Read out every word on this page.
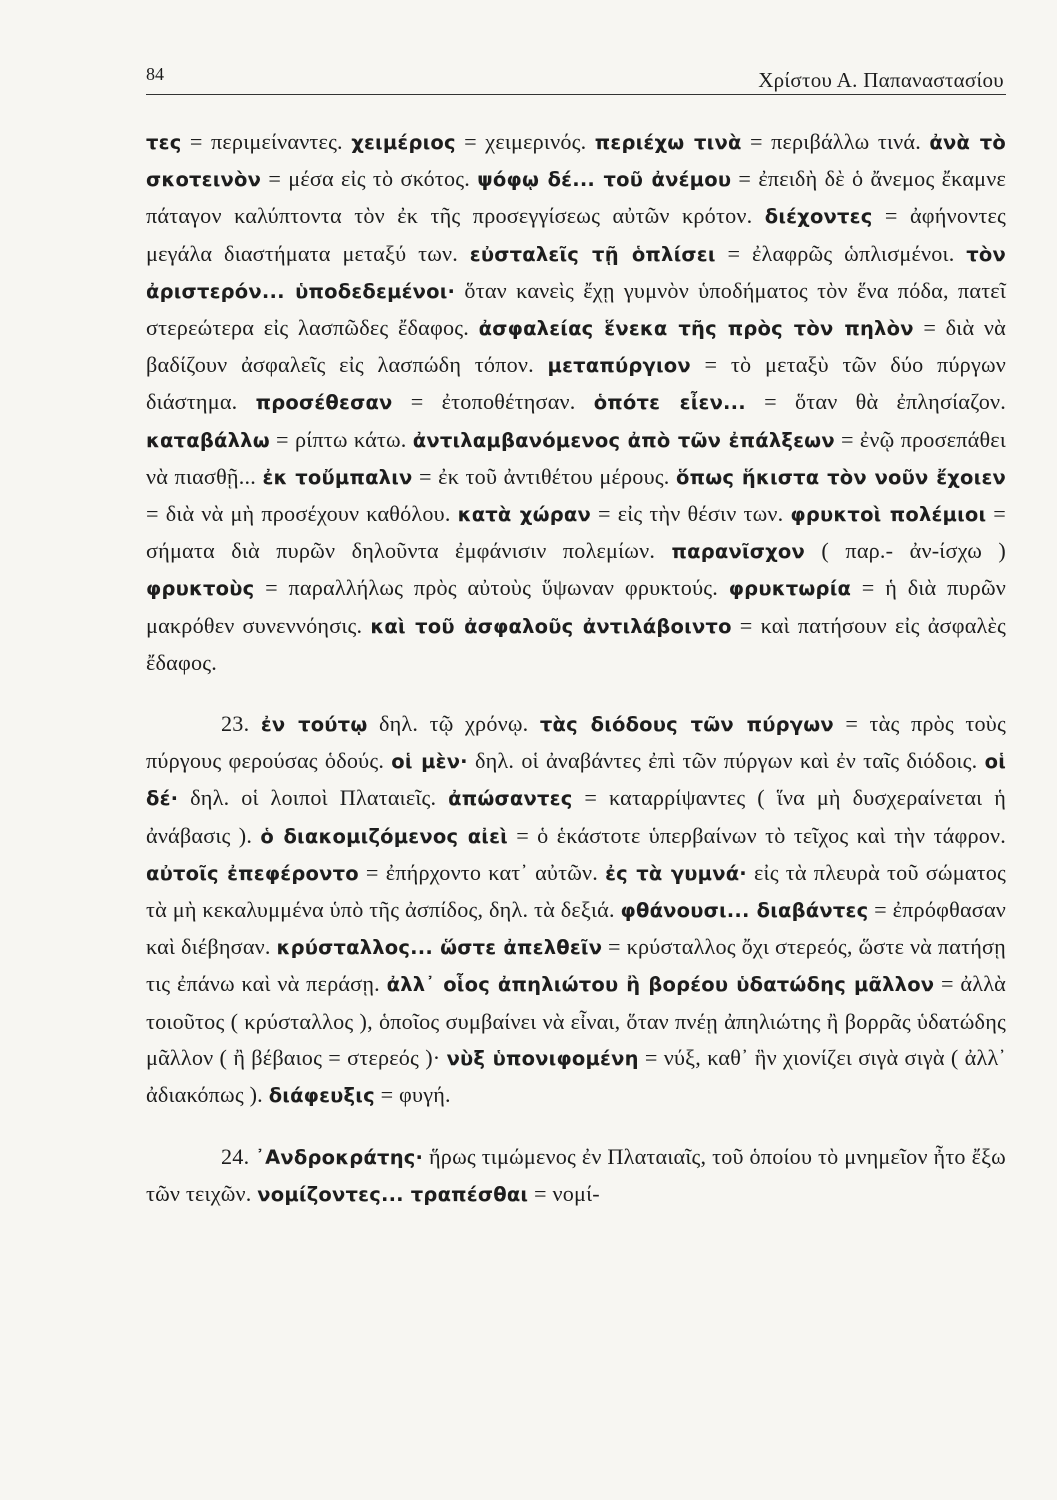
84	Χρίστου Α. Παπαναστασίου

τες = περιμείναντες. χειμέριος = χειμερινός. περιέχω τινὰ = περιβάλλω τινά. ἀνὰ τὸ σκοτεινὸν = μέσα εἰς τὸ σκότος. ψόφῳ δέ... τοῦ ἀνέμου = ἐπειδὴ δὲ ὁ ἄνεμος ἔκαμνε πάταγον καλύπτοντα τὸν ἐκ τῆς προσεγγίσεως αὐτῶν κρότον. διέχοντες = ἀφήνοντες μεγάλα διαστήματα μεταξύ των. εὐσταλεῖς τῇ ὁπλίσει = ἐλαφρῶς ὡπλισμένοι. τὸν ἀριστερόν... ὑποδεδεμένοι· ὅταν κανεὶς ἔχῃ γυμνὸν ὑποδήματος τὸν ἕνα πόδα, πατεῖ στερεώτερα εἰς λασπῶδες ἔδαφος. ἀσφαλείας ἕνεκα τῆς πρὸς τὸν πηλὸν = διὰ νὰ βαδίζουν ἀσφαλεῖς εἰς λασπώδη τόπον. μεταπύργιον = τὸ μεταξὺ τῶν δύο πύργων διάστημα. προσέθεσαν = ἐτοποθέτησαν. ὁπότε εἶεν... = ὅταν θὰ ἐπλησίαζον. καταβάλλω = ρίπτω κάτω. ἀντιλαμβανόμενος ἀπὸ τῶν ἐπάλξεων = ἐνῷ προσεπάθει νὰ πιασθῇ... ἐκ τοὔμπαλιν = ἐκ τοῦ ἀντιθέτου μέρους. ὅπως ἥκιστα τὸν νοῦν ἔχοιεν = διὰ νὰ μὴ προσέχουν καθόλου. κατὰ χώραν = εἰς τὴν θέσιν των. φρυκτοὶ πολέμιοι = σήματα διὰ πυρῶν δηλοῦντα ἐμφάνισιν πολεμίων. παρανῖσχον ( παρ.- ἀν-ίσχω ) φρυκτοὺς = παραλλήλως πρὸς αὐτοὺς ὕψωναν φρυκτούς. φρυκτωρία = ἡ διὰ πυρῶν μακρόθεν συνεννόησις. καὶ τοῦ ἀσφαλοῦς ἀντιλάβοιντο = καὶ πατήσουν εἰς ἀσφαλὲς ἔδαφος.

23. ἐν τούτῳ δηλ. τῷ χρόνῳ. τὰς διόδους τῶν πύργων = τὰς πρὸς τοὺς πύργους φερούσας ὁδούς. οἱ μὲν· δηλ. οἱ ἀναβάντες ἐπὶ τῶν πύργων καὶ ἐν ταῖς διόδοις. οἱ δέ· δηλ. οἱ λοιποὶ Πλαταιεῖς. ἀπώσαντες = καταρρίψαντες ( ἵνα μὴ δυσχεραίνεται ἡ ἀνάβασις ). ὁ διακομιζόμενος αἰεὶ = ὁ ἑκάστοτε ὑπερβαίνων τὸ τεῖχος καὶ τὴν τάφρον. αὐτοῖς ἐπεφέροντο = ἐπήρχοντο κατ᾽ αὐτῶν. ἐς τὰ γυμνά· εἰς τὰ πλευρὰ τοῦ σώματος τὰ μὴ κεκαλυμμένα ὑπὸ τῆς ἀσπίδος, δηλ. τὰ δεξιά. φθάνουσι... διαβάντες = ἐπρόφθασαν καὶ διέβησαν. κρύσταλλος... ὥστε ἀπελθεῖν = κρύσταλλος ὄχι στερεός, ὥστε νὰ πατήσῃ τις ἐπάνω καὶ νὰ περάσῃ. ἀλλ᾽ οἷος ἀπηλιώτου ἢ βορέου ὑδατώδης μᾶλλον = ἀλλὰ τοιοῦτος ( κρύσταλλος ), ὁποῖος συμβαίνει νὰ εἶναι, ὅταν πνέῃ ἀπηλιώτης ἢ βορρᾶς ὑδατώδης μᾶλλον ( ἢ βέβαιος = στερεός )· νὺξ ὑπονιφομένη = νύξ, καθ᾽ ἣν χιονίζει σιγὰ σιγὰ ( ἀλλ᾽ ἀδιακόπως ). διάφευξις = φυγή.

24. ᾿Ανδροκράτης· ἥρως τιμώμενος ἐν Πλαταιαῖς, τοῦ ὁποίου τὸ μνημεῖον ἦτο ἔξω τῶν τειχῶν. νομίζοντες... τραπέσθαι = νομί-
